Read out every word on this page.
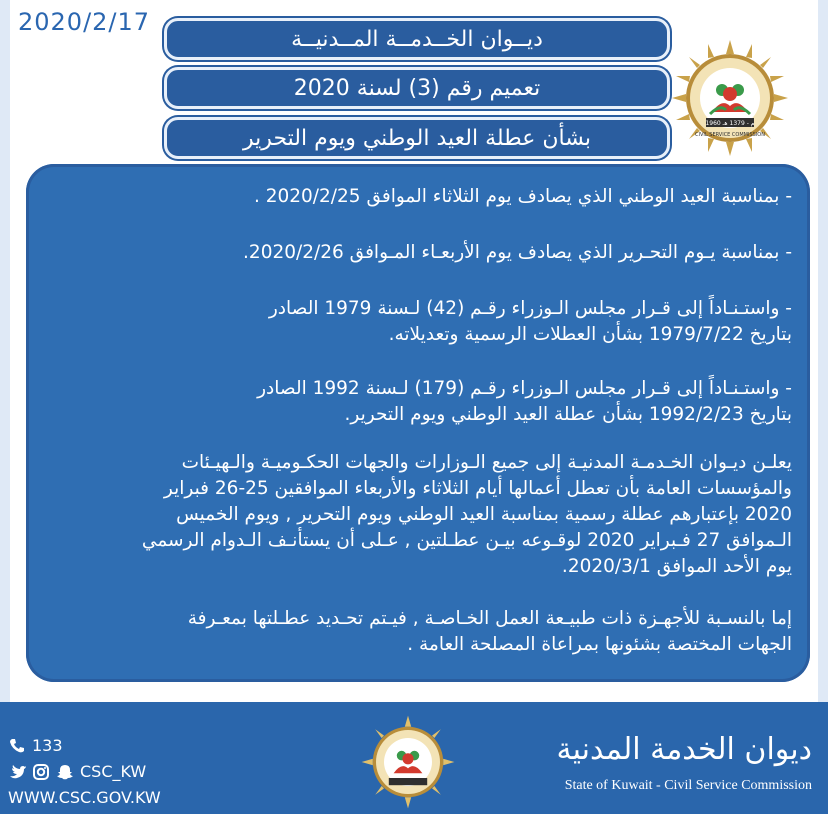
2020/2/17
ديــوان الخــدمــة المــدنيــة
تعميم رقم (3) لسنة 2020
بشأن عطلة العيد الوطني ويوم التحرير
1960 م - 1379 هـ
CIVIL SERVICE COMMISSION
- بمناسبة العيد الوطني الذي يصادف يوم الثلاثاء الموافق 2020/2/25 .
- بمناسبة يـوم التحـرير الذي يصادف يوم الأربعـاء المـوافق 2020/2/26.
- واستـنـاداً إلى قـرار مجلس الـوزراء رقـم (42) لـسنة 1979 الصادر
بتاريخ 1979/7/22 بشأن العطلات الرسمية وتعديلاته.
- واستـنـاداً إلى قـرار مجلس الـوزراء رقـم (179) لـسنة 1992 الصادر
بتاريخ 1992/2/23 بشأن عطلة العيد الوطني ويوم التحرير.
يعلـن ديـوان الخـدمـة المدنيـة إلى جميع الـوزارات والجهات الحكـوميـة والـهيـئات
والمؤسسات العامة بأن تعطل أعمالها أيام الثلاثاء والأربعاء الموافقين 25-26 فبراير
2020 بإعتبارهم عطلة رسمية بمناسبة العيد الوطني ويوم التحرير , ويوم الخميس
الـموافق 27 فـبراير 2020 لوقـوعه بيـن عطـلتين , عـلى أن يستأنـف الـدوام الرسمي
يوم الأحد الموافق 2020/3/1.
إما بالنسـبة للأجهـزة ذات طبيـعة العمل الخـاصـة , فيـتم تحـديد عطـلتها بمعـرفة
الجهات المختصة بشئونها بمراعاة المصلحة العامة .
133
CSC_KW
WWW.CSC.GOV.KW
ديوان الخدمة المدنية
State of Kuwait - Civil Service Commission
